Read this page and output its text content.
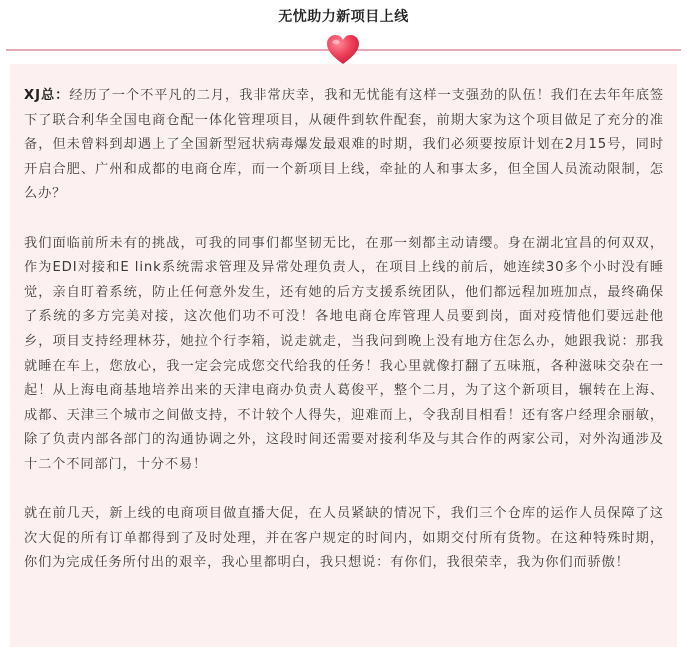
无忧助力新项目上线

XJ总：经历了一个不平凡的二月，我非常庆幸，我和无忧能有这样一支强劲的队伍！我们在去年年底签下了联合利华全国电商仓配一体化管理项目，从硬件到软件配套，前期大家为这个项目做足了充分的准备，但未曾料到却遇上了全国新型冠状病毒爆发最艰难的时期，我们必须要按原计划在2月15号，同时开启合肥、广州和成都的电商仓库，而一个新项目上线，牵扯的人和事太多，但全国人员流动限制，怎么办？

我们面临前所未有的挑战，可我的同事们都坚韧无比，在那一刻都主动请缨。身在湖北宜昌的何双双，作为EDI对接和E link系统需求管理及异常处理负责人，在项目上线的前后，她连续30多个小时没有睡觉，亲自盯着系统，防止任何意外发生，还有她的后方支援系统团队，他们都远程加班加点，最终确保了系统的多方完美对接，这次他们功不可没！各地电商仓库管理人员要到岗，面对疫情他们要远赴他乡，项目支持经理林芬，她拉个行李箱，说走就走，当我问到晚上没有地方住怎么办，她跟我说：那我就睡在车上，您放心，我一定会完成您交代给我的任务！我心里就像打翻了五味瓶，各种滋味交杂在一起！从上海电商基地培养出来的天津电商办负责人葛俊平，整个二月，为了这个新项目，辗转在上海、成都、天津三个城市之间做支持，不计较个人得失，迎难而上，令我刮目相看！还有客户经理余丽敏，除了负责内部各部门的沟通协调之外，这段时间还需要对接利华及与其合作的两家公司，对外沟通涉及十二个不同部门，十分不易！

就在前几天，新上线的电商项目做直播大促，在人员紧缺的情况下，我们三个仓库的运作人员保障了这次大促的所有订单都得到了及时处理，并在客户规定的时间内，如期交付所有货物。在这种特殊时期，你们为完成任务所付出的艰辛，我心里都明白，我只想说：有你们，我很荣幸，我为你们而骄傲！
